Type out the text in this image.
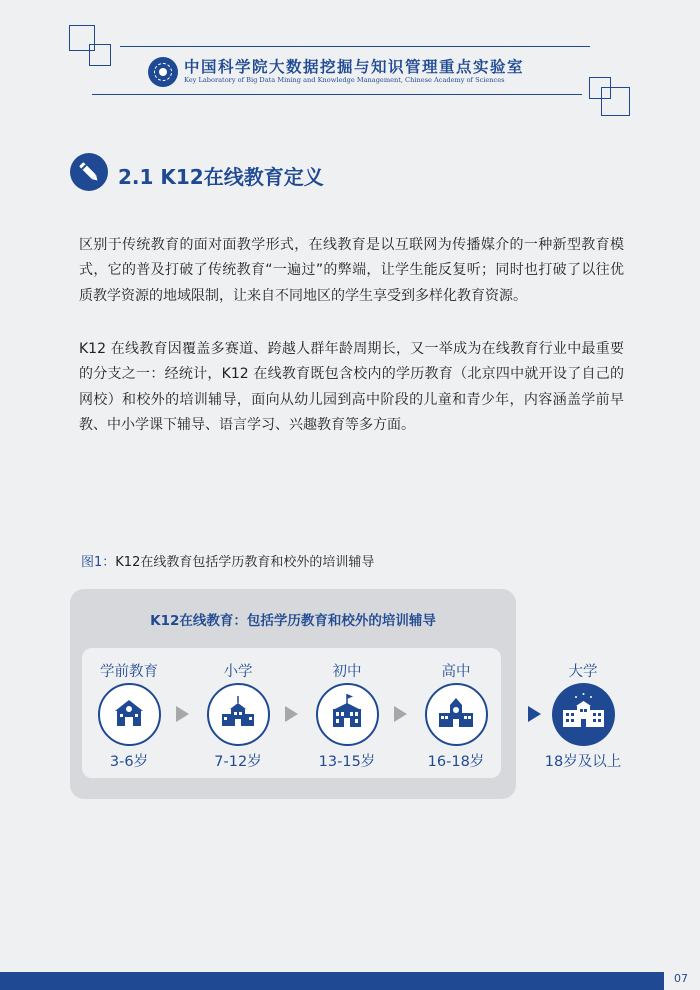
中国科学院大数据挖掘与知识管理重点实验室
Key Laboratory of Big Data Mining and Knowledge Management, Chinese Academy of Sciences
2.1 K12在线教育定义

区别于传统教育的面对面教学形式，在线教育是以互联网为传播媒介的一种新型教育模式，它的普及打破了传统教育“一遍过”的弊端，让学生能反复听；同时也打破了以往优质教学资源的地域限制，让来自不同地区的学生享受到多样化教育资源。

K12 在线教育因覆盖多赛道、跨越人群年龄周期长，又一举成为在线教育行业中最重要的分支之一：经统计，K12 在线教育既包含校内的学历教育（北京四中就开设了自己的网校）和校外的培训辅导，面向从幼儿园到高中阶段的儿童和青少年，内容涵盖学前早教、中小学课下辅导、语言学习、兴趣教育等多方面。

图1：K12在线教育包括学历教育和校外的培训辅导
K12在线教育：包括学历教育和校外的培训辅导
学前教育
3-6岁
小学
7-12岁
初中
13-15岁
高中
16-18岁
大学
18岁及以上
07
